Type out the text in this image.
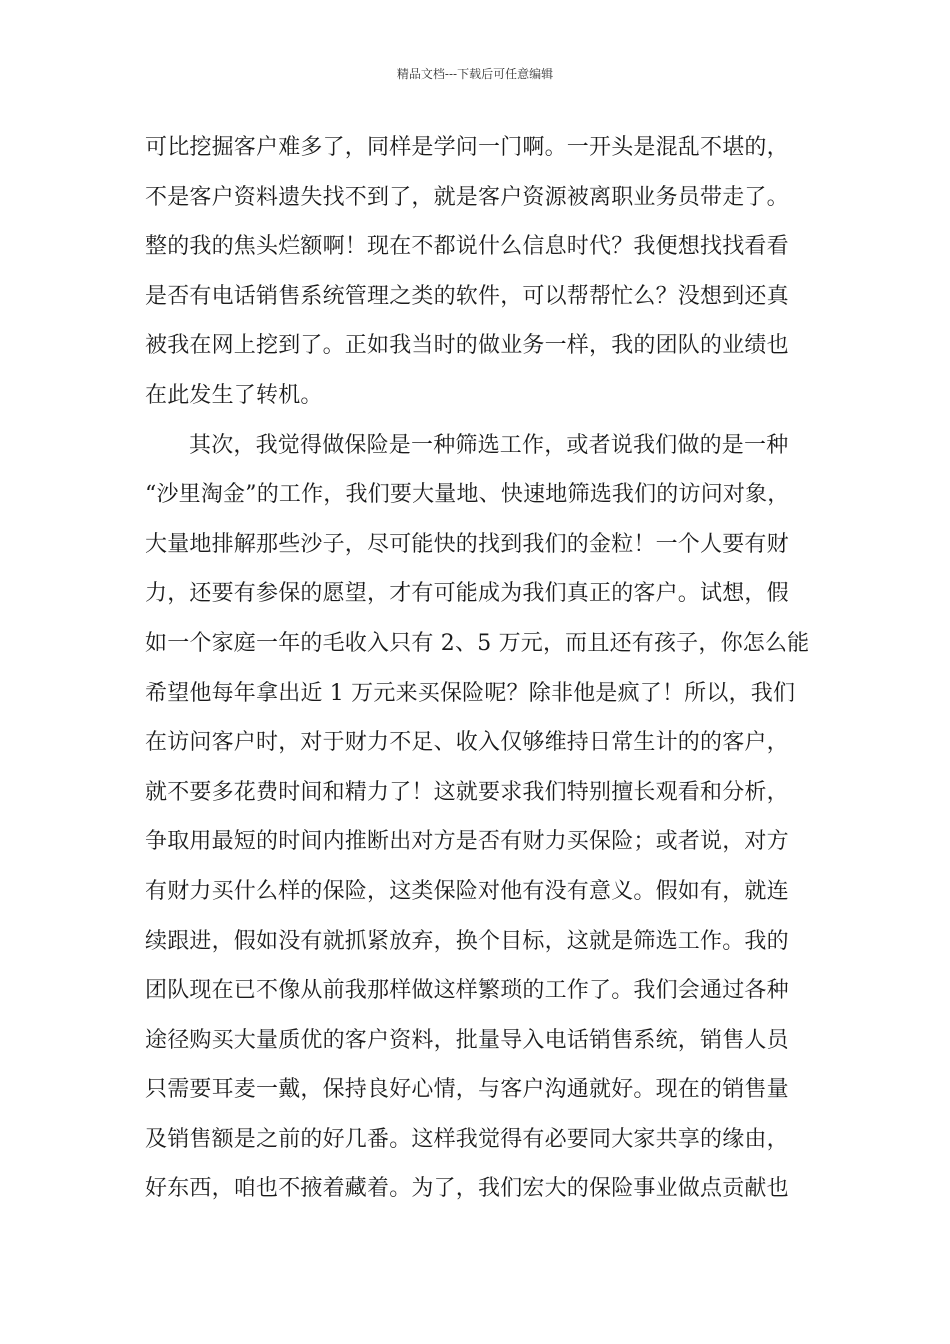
精品文档---下载后可任意编辑
可比挖掘客户难多了，同样是学问一门啊。一开头是混乱不堪的，
不是客户资料遗失找不到了，就是客户资源被离职业务员带走了。
整的我的焦头烂额啊！现在不都说什么信息时代？我便想找找看看
是否有电话销售系统管理之类的软件，可以帮帮忙么？没想到还真
被我在网上挖到了。正如我当时的做业务一样，我的团队的业绩也
在此发生了转机。
其次，我觉得做保险是一种筛选工作，或者说我们做的是一种
“沙里淘金”的工作，我们要大量地、快速地筛选我们的访问对象，
大量地排解那些沙子，尽可能快的找到我们的金粒！一个人要有财
力，还要有参保的愿望，才有可能成为我们真正的客户。试想，假
如一个家庭一年的毛收入只有 2、5 万元，而且还有孩子，你怎么能
希望他每年拿出近 1 万元来买保险呢？除非他是疯了！所以，我们
在访问客户时，对于财力不足、收入仅够维持日常生计的的客户，
就不要多花费时间和精力了！这就要求我们特别擅长观看和分析，
争取用最短的时间内推断出对方是否有财力买保险；或者说，对方
有财力买什么样的保险，这类保险对他有没有意义。假如有，就连
续跟进，假如没有就抓紧放弃，换个目标，这就是筛选工作。我的
团队现在已不像从前我那样做这样繁琐的工作了。我们会通过各种
途径购买大量质优的客户资料，批量导入电话销售系统，销售人员
只需要耳麦一戴，保持良好心情，与客户沟通就好。现在的销售量
及销售额是之前的好几番。这样我觉得有必要同大家共享的缘由，
好东西，咱也不掖着藏着。为了，我们宏大的保险事业做点贡献也
